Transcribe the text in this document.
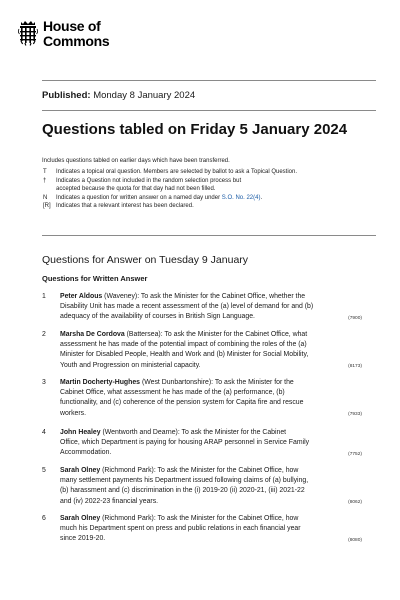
House of
Commons
Published: Monday 8 January 2024
Questions tabled on Friday 5 January 2024
Includes questions tabled on earlier days which have been transferred.
T	Indicates a topical oral question. Members are selected by ballot to ask a Topical Question.
†	Indicates a Question not included in the random selection process but
accepted because the quota for that day had not been filled.
N	Indicates a question for written answer on a named day under S.O. No. 22(4).
[R] Indicates that a relevant interest has been declared.
Questions for Answer on Tuesday 9 January
Questions for Written Answer
1	Peter Aldous (Waveney): To ask the Minister for the Cabinet Office, whether the
Disability Unit has made a recent assessment of the (a) level of demand for and (b)
adequacy of the availability of courses in British Sign Language.	(7900)
2	Marsha De Cordova (Battersea): To ask the Minister for the Cabinet Office, what
assessment he has made of the potential impact of combining the roles of the (a)
Minister for Disabled People, Health and Work and (b) Minister for Social Mobility,
Youth and Progression on ministerial capacity.	(8173)
3	Martin Docherty-Hughes (West Dunbartonshire): To ask the Minister for the
Cabinet Office, what assessment he has made of the (a) performance, (b)
functionality, and (c) coherence of the pension system for Capita fire and rescue
workers.	(7933)
4	John Healey (Wentworth and Dearne): To ask the Minister for the Cabinet
Office, which Department is paying for housing ARAP personnel in Service Family
Accommodation.	(7752)
5	Sarah Olney (Richmond Park): To ask the Minister for the Cabinet Office, how
many settlement payments his Department issued following claims of (a) bullying,
(b) harassment and (c) discrimination in the (i) 2019-20 (ii) 2020-21, (iii) 2021-22
and (iv) 2022-23 financial years.	(8062)
6	Sarah Olney (Richmond Park): To ask the Minister for the Cabinet Office, how
much his Department spent on press and public relations in each financial year
since 2019-20.	(8080)
